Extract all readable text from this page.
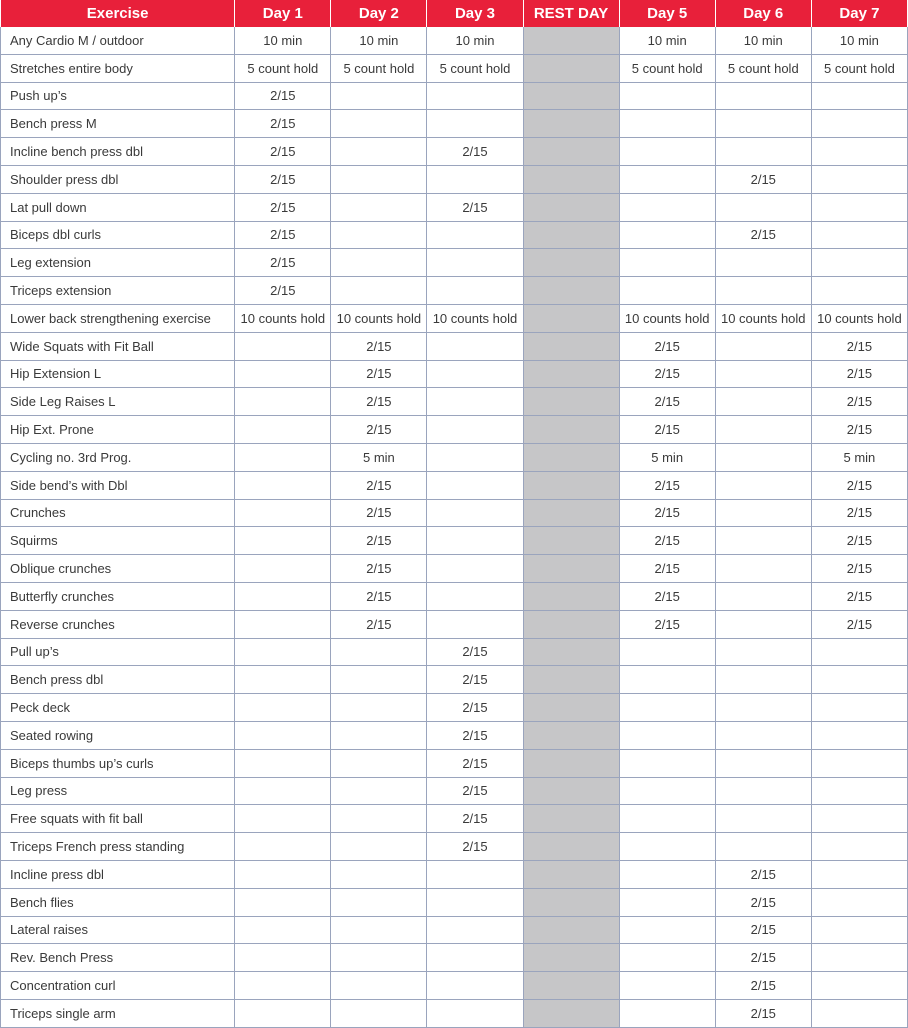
Exercise	Day 1	Day 2	Day 3	REST DAY	Day 5	Day 6	Day 7
Any Cardio M / outdoor	10 min	10 min	10 min		10 min	10 min	10 min
Stretches entire body	5 count hold	5 count hold	5 count hold		5 count hold	5 count hold	5 count hold
Push up’s	2/15						
Bench press M	2/15						
Incline bench press dbl	2/15		2/15				
Shoulder press dbl	2/15					2/15	
Lat pull down	2/15		2/15				
Biceps dbl curls	2/15					2/15	
Leg extension	2/15						
Triceps extension	2/15						
Lower back strengthening exercise	10 counts hold	10 counts hold	10 counts hold		10 counts hold	10 counts hold	10 counts hold
Wide Squats with Fit Ball		2/15			2/15		2/15
Hip Extension L		2/15			2/15		2/15
Side Leg Raises L		2/15			2/15		2/15
Hip Ext. Prone		2/15			2/15		2/15
Cycling no. 3rd Prog.		5 min			5 min		5 min
Side bend’s with Dbl		2/15			2/15		2/15
Crunches		2/15			2/15		2/15
Squirms		2/15			2/15		2/15
Oblique crunches		2/15			2/15		2/15
Butterfly crunches		2/15			2/15		2/15
Reverse crunches		2/15			2/15		2/15
Pull up’s			2/15				
Bench press dbl			2/15				
Peck deck			2/15				
Seated rowing			2/15				
Biceps thumbs up’s curls			2/15				
Leg press			2/15				
Free squats with fit ball			2/15				
Triceps French press standing			2/15				
Incline press dbl						2/15	
Bench flies						2/15	
Lateral raises						2/15	
Rev. Bench Press						2/15	
Concentration curl						2/15	
Triceps single arm						2/15	
